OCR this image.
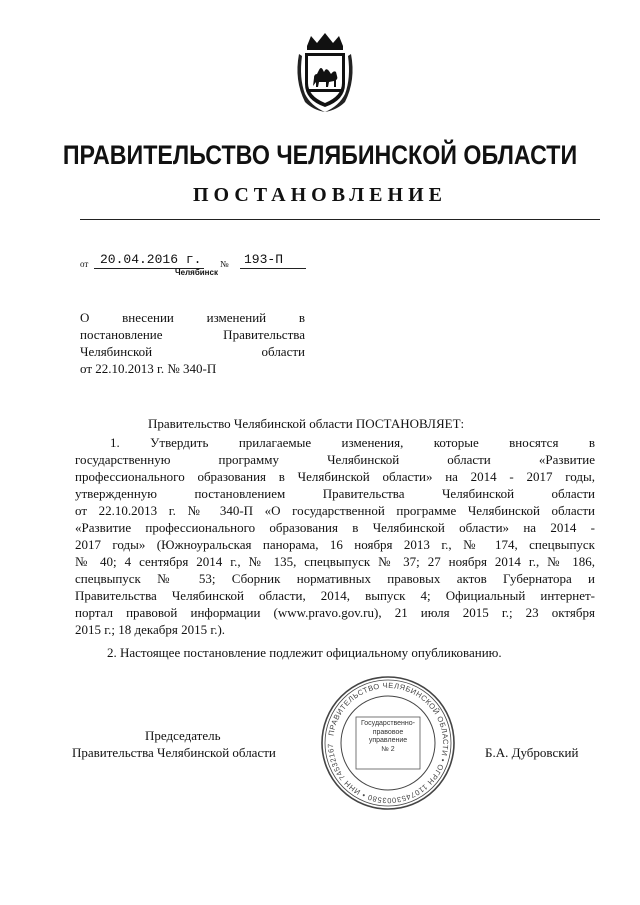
ПРАВИТЕЛЬСТВО ЧЕЛЯБИНСКОЙ ОБЛАСТИ
ПОСТАНОВЛЕНИЕ
от 20.04.2016 г. № 193-П
Челябинск
О внесении изменений в
постановление Правительства
Челябинской области
от 22.10.2013 г. № 340-П
Правительство Челябинской области ПОСТАНОВЛЯЕТ:
1. Утвердить прилагаемые изменения, которые вносятся в
государственную программу Челябинской области «Развитие
профессионального образования в Челябинской области» на 2014 - 2017 годы,
утвержденную постановлением Правительства Челябинской области
от 22.10.2013 г. № 340-П «О государственной программе Челябинской области
«Развитие профессионального образования в Челябинской области» на 2014 -
2017 годы» (Южноуральская панорама, 16 ноября 2013 г., № 174, спецвыпуск
№ 40; 4 сентября 2014 г., № 135, спецвыпуск № 37; 27 ноября 2014 г., № 186,
спецвыпуск № 53; Сборник нормативных правовых актов Губернатора и
Правительства Челябинской области, 2014, выпуск 4; Официальный интернет-
портал правовой информации (www.pravo.gov.ru), 21 июля 2015 г.; 23 октября
2015 г.; 18 декабря 2015 г.).
2. Настоящее постановление подлежит официальному опубликованию.
Председатель
Правительства Челябинской области	Б.А. Дубровский
ПРАВИТЕЛЬСТВО ЧЕЛЯБИНСКОЙ ОБЛАСТИ • ОГРН 1107453003580 • ИНН 74532167
Государственно-
правовое
управление
№ 2
